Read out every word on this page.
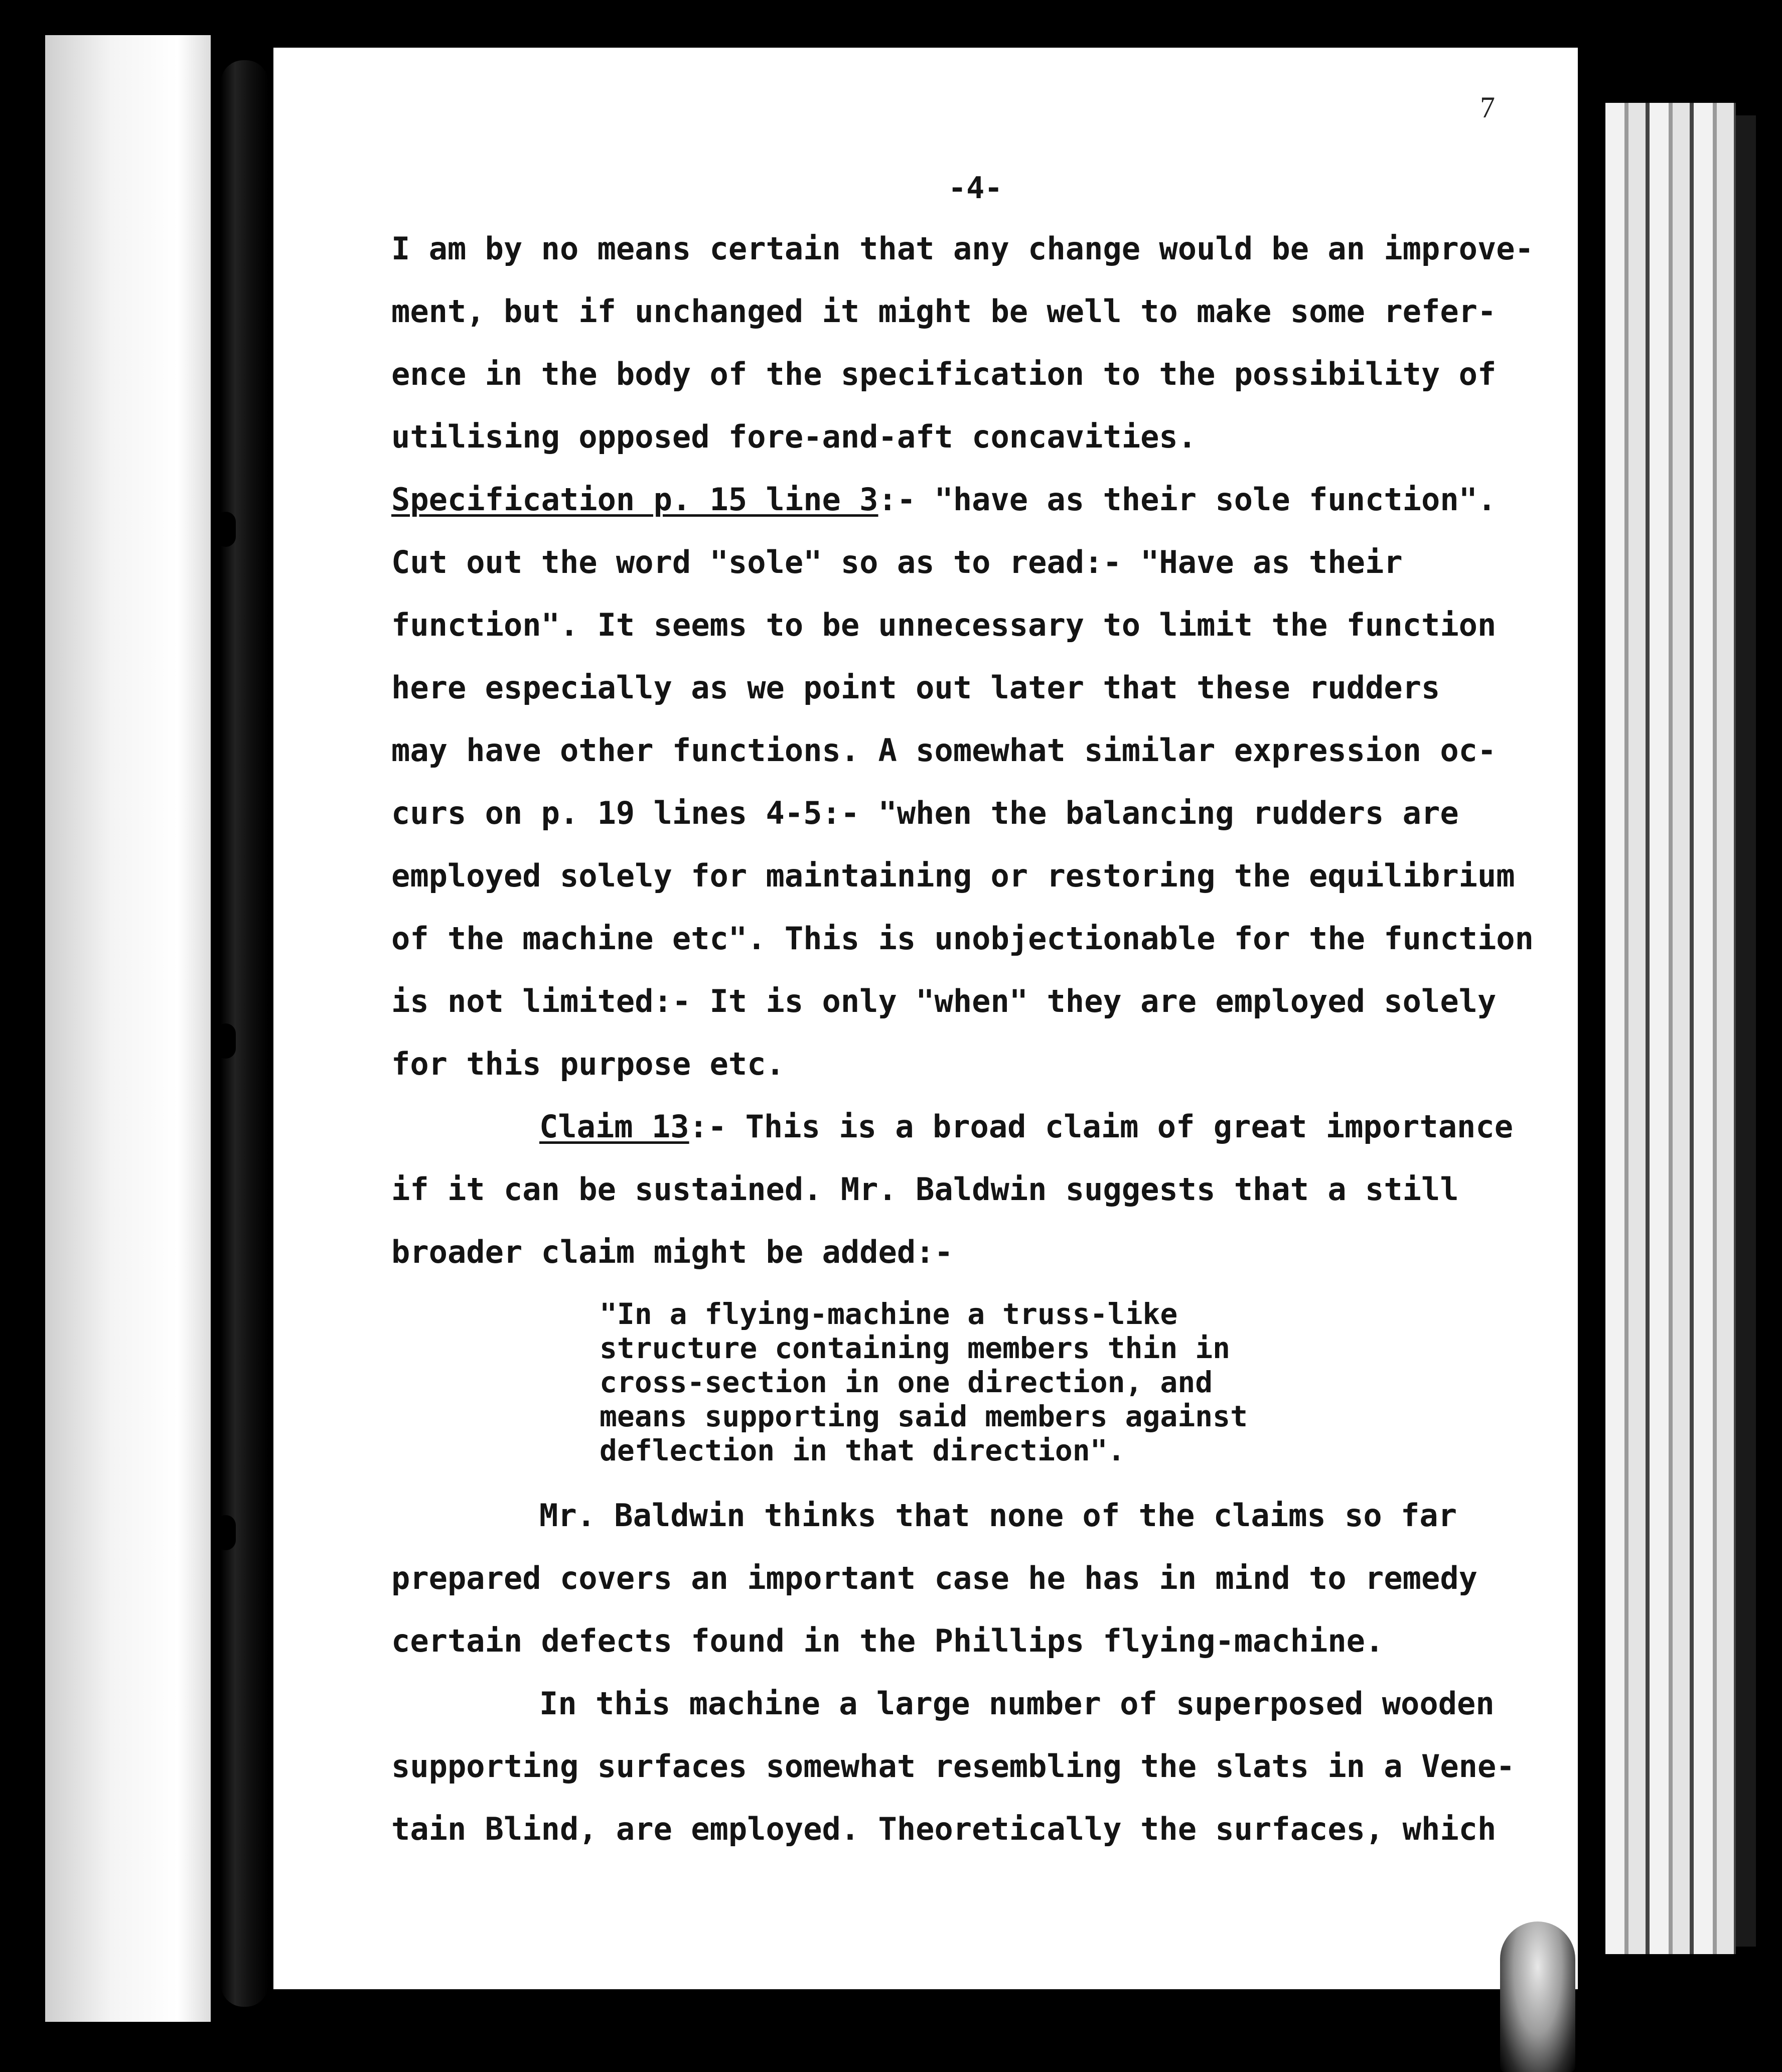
7
-4-
I am by no means certain that any change would be an improve-
ment, but if unchanged it might be well to make some refer-
ence in the body of the specification to the possibility of
utilising opposed fore-and-aft concavities.
Specification p. 15 line 3:- "have as their sole function".
Cut out the word "sole" so as to read:- "Have as their
function". It seems to be unnecessary to limit the function
here especially as we point out later that these rudders
may have other functions. A somewhat similar expression oc-
curs on p. 19 lines 4-5:- "when the balancing rudders are
employed solely for maintaining or restoring the equilibrium
of the machine etc". This is unobjectionable for the function
is not limited:- It is only "when" they are employed solely
for this purpose etc.
Claim 13:- This is a broad claim of great importance
if it can be sustained. Mr. Baldwin suggests that a still
broader claim might be added:-
"In a flying-machine a truss-like
structure containing members thin in
cross-section in one direction, and
means supporting said members against
deflection in that direction".
Mr. Baldwin thinks that none of the claims so far
prepared covers an important case he has in mind to remedy
certain defects found in the Phillips flying-machine.
In this machine a large number of superposed wooden
supporting surfaces somewhat resembling the slats in a Vene-
tain Blind, are employed. Theoretically the surfaces, which
